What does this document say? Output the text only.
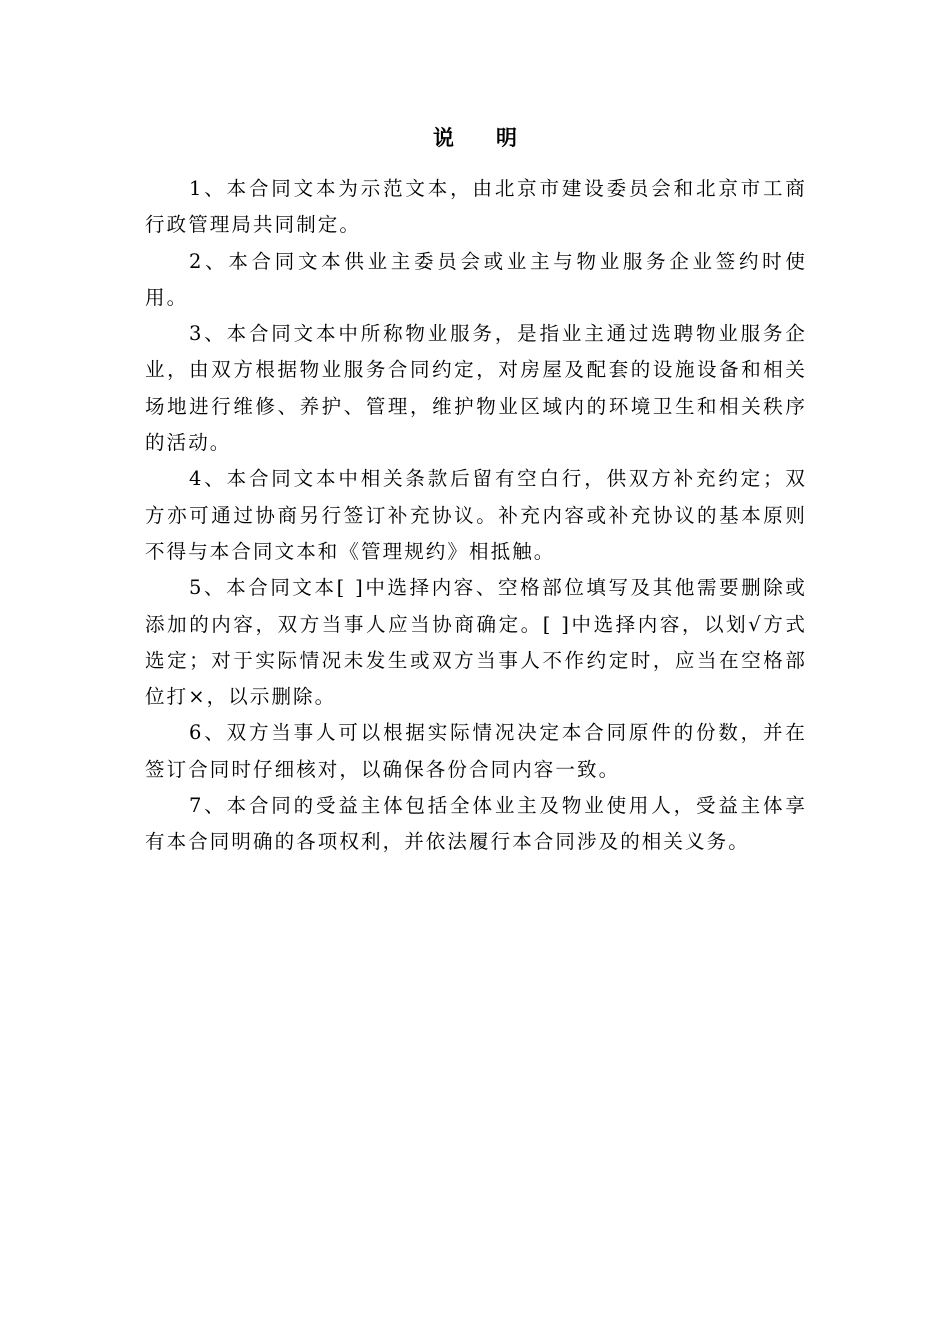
说明

1、本合同文本为示范文本，由北京市建设委员会和北京市工商行政管理局共同制定。

2、本合同文本供业主委员会或业主与物业服务企业签约时使用。

3、本合同文本中所称物业服务，是指业主通过选聘物业服务企业，由双方根据物业服务合同约定，对房屋及配套的设施设备和相关场地进行维修、养护、管理，维护物业区域内的环境卫生和相关秩序的活动。

4、本合同文本中相关条款后留有空白行，供双方补充约定；双方亦可通过协商另行签订补充协议。补充内容或补充协议的基本原则不得与本合同文本和《管理规约》相抵触。

5、本合同文本[ ]中选择内容、空格部位填写及其他需要删除或添加的内容，双方当事人应当协商确定。[ ]中选择内容，以划√方式选定；对于实际情况未发生或双方当事人不作约定时，应当在空格部位打×，以示删除。

6、双方当事人可以根据实际情况决定本合同原件的份数，并在签订合同时仔细核对，以确保各份合同内容一致。

7、本合同的受益主体包括全体业主及物业使用人，受益主体享有本合同明确的各项权利，并依法履行本合同涉及的相关义务。
